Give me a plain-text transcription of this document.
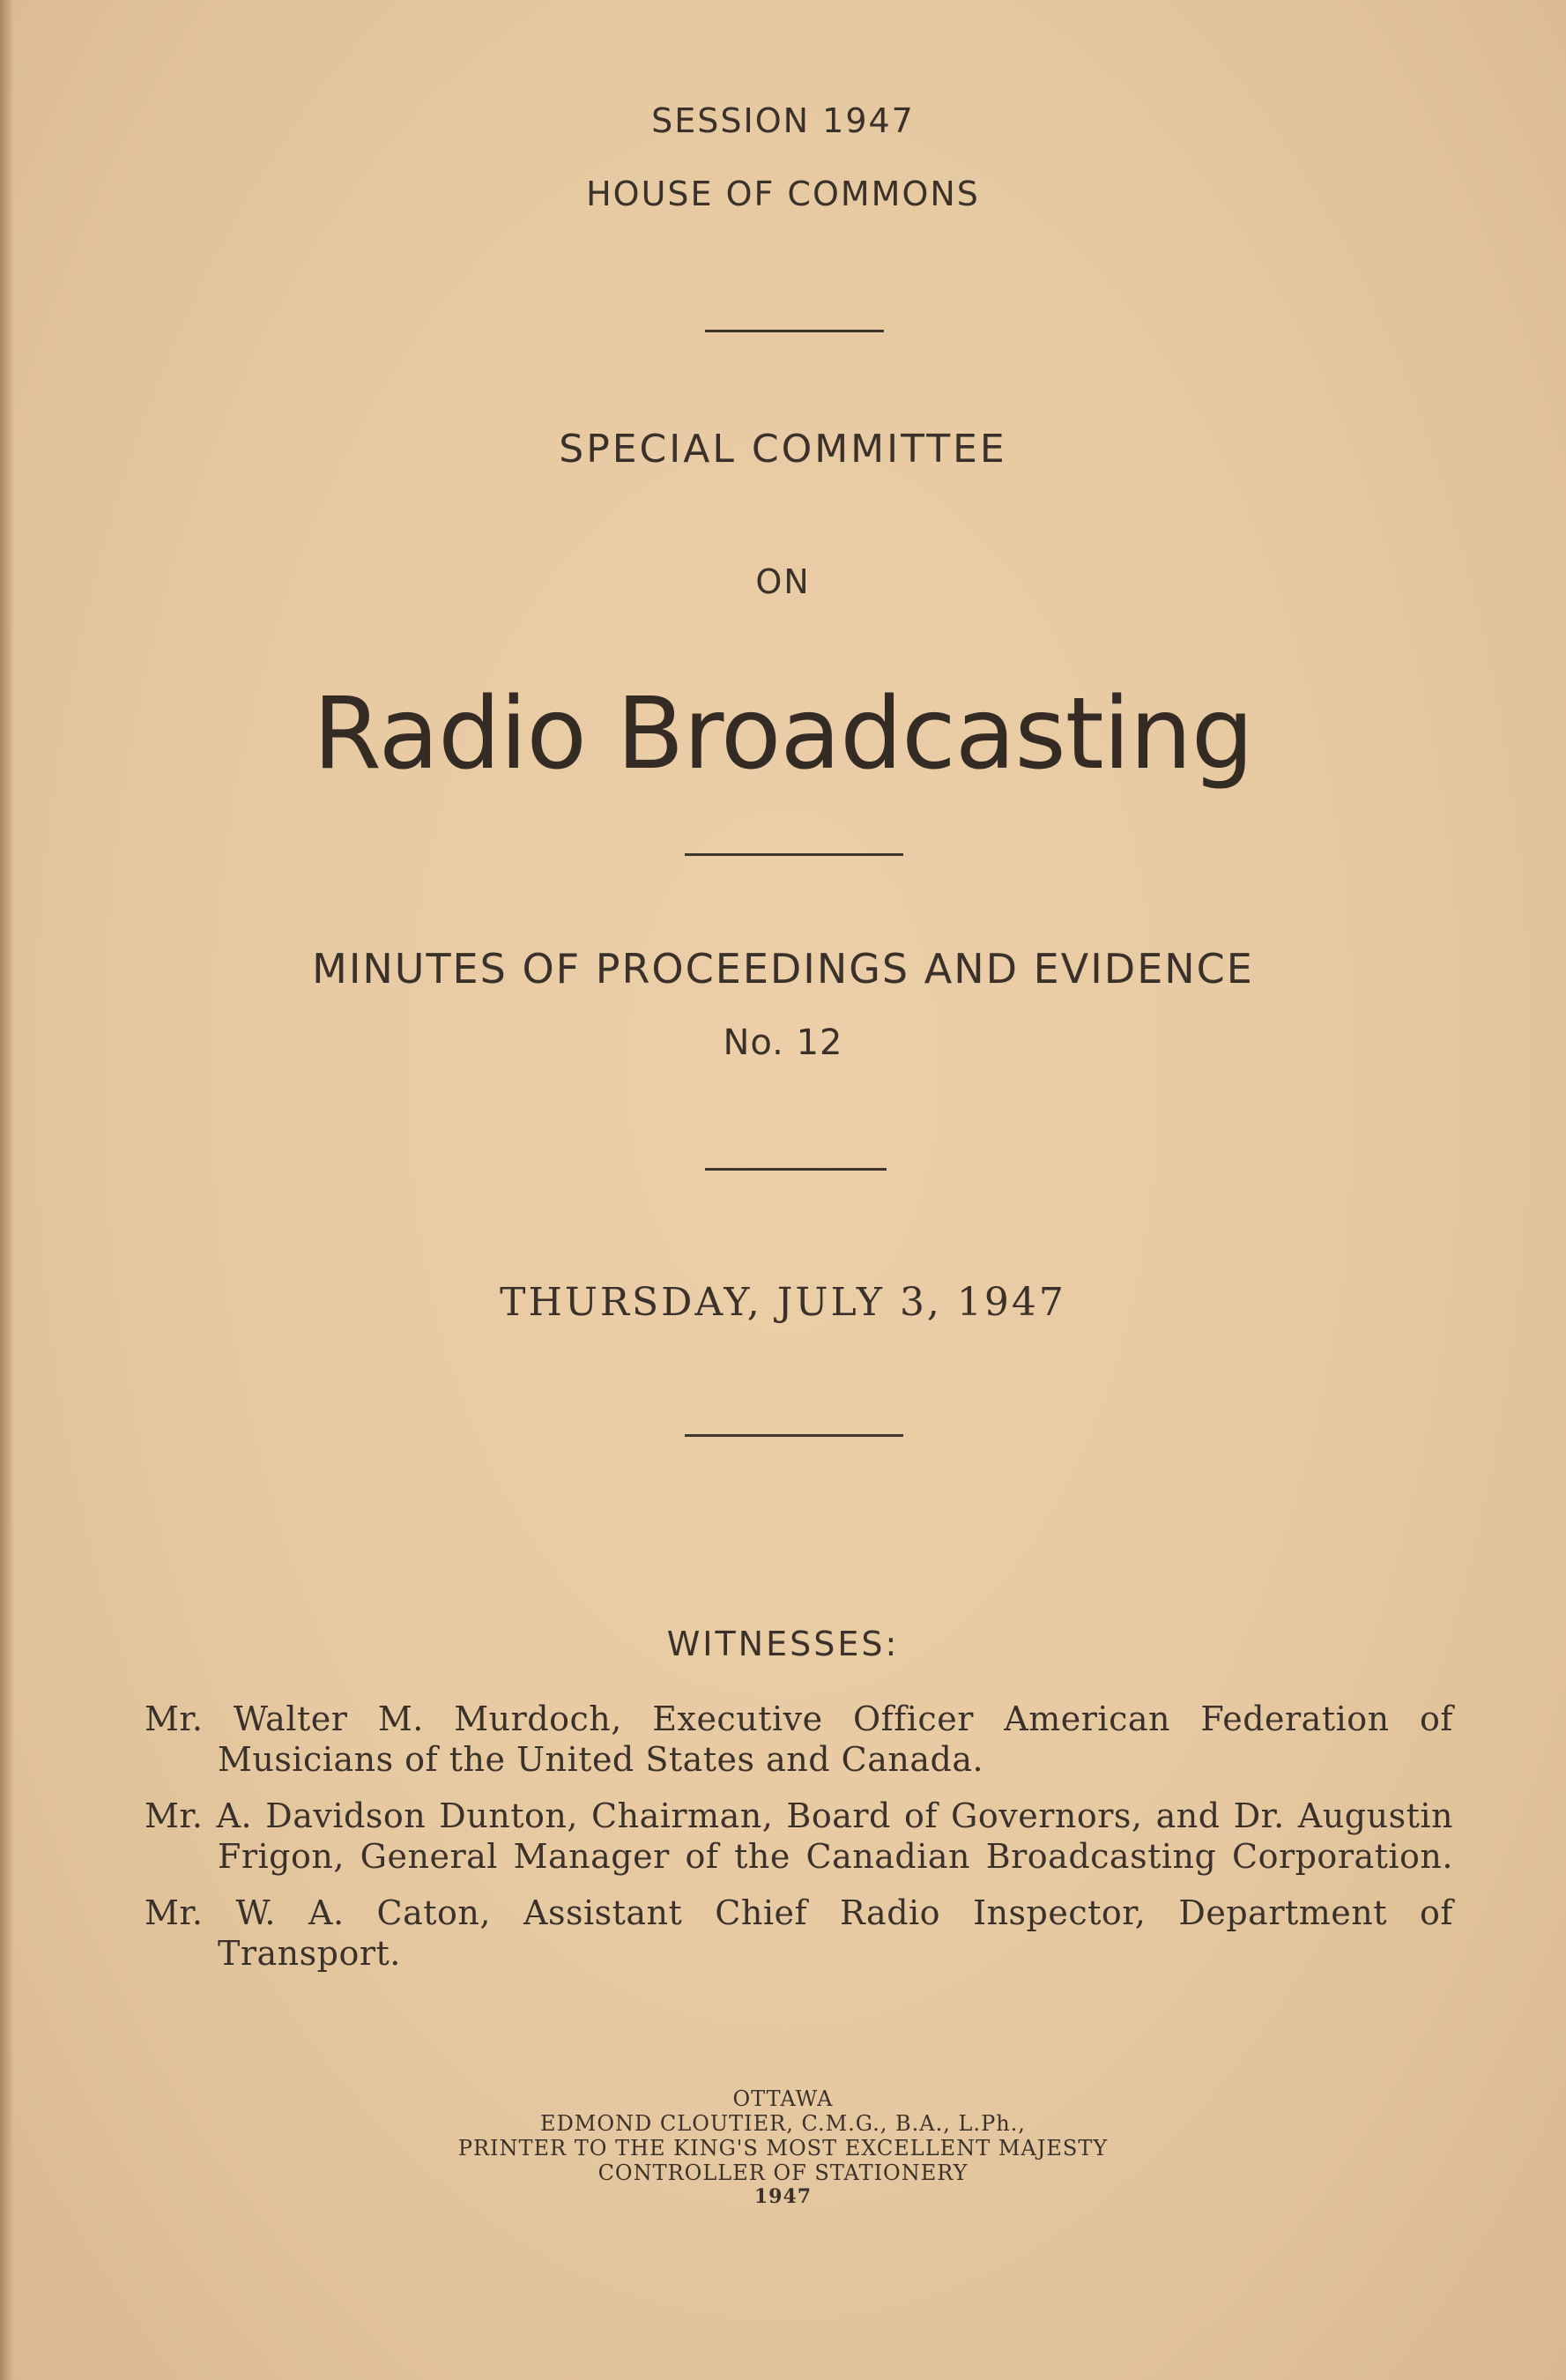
SESSION 1947
HOUSE OF COMMONS
SPECIAL COMMITTEE
ON
Radio Broadcasting
MINUTES OF PROCEEDINGS AND EVIDENCE
No. 12
THURSDAY, JULY 3, 1947
WITNESSES:
Mr. Walter M. Murdoch, Executive Officer American Federation of
Musicians of the United States and Canada.
Mr. A. Davidson Dunton, Chairman, Board of Governors, and Dr. Augustin
Frigon, General Manager of the Canadian Broadcasting Corporation.
Mr. W. A. Caton, Assistant Chief Radio Inspector, Department of
Transport.
OTTAWA
EDMOND CLOUTIER, C.M.G., B.A., L.Ph.,
PRINTER TO THE KING'S MOST EXCELLENT MAJESTY
CONTROLLER OF STATIONERY
1947
